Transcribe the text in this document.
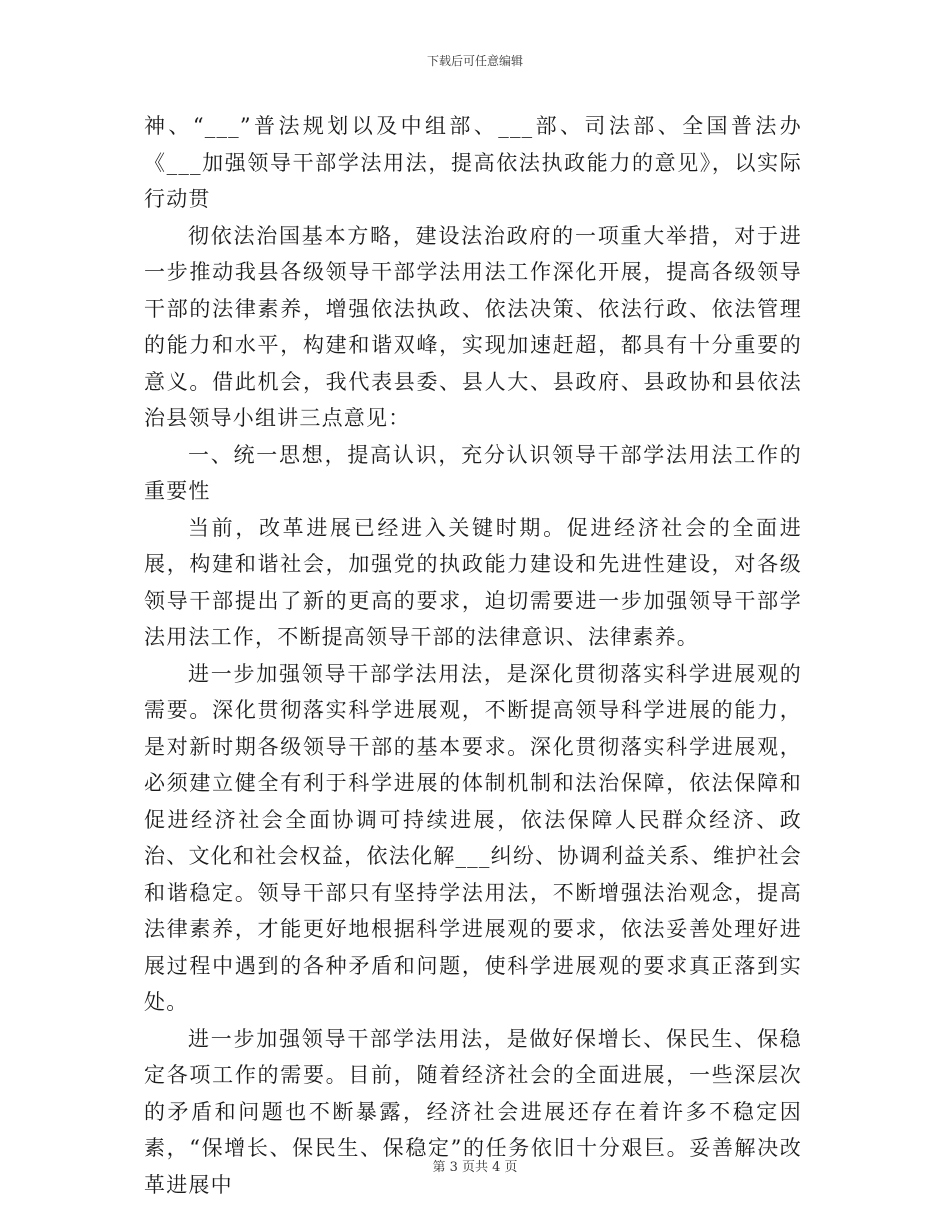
下载后可任意编辑

神、“___”普法规划以及中组部、___部、司法部、全国普法办《___加强领导干部学法用法，提高依法执政能力的意见》，以实际行动贯

彻依法治国基本方略，建设法治政府的一项重大举措，对于进一步推动我县各级领导干部学法用法工作深化开展，提高各级领导干部的法律素养，增强依法执政、依法决策、依法行政、依法管理的能力和水平，构建和谐双峰，实现加速赶超，都具有十分重要的意义。借此机会，我代表县委、县人大、县政府、县政协和县依法治县领导小组讲三点意见：

一、统一思想，提高认识，充分认识领导干部学法用法工作的重要性

当前，改革进展已经进入关键时期。促进经济社会的全面进展，构建和谐社会，加强党的执政能力建设和先进性建设，对各级领导干部提出了新的更高的要求，迫切需要进一步加强领导干部学法用法工作，不断提高领导干部的法律意识、法律素养。

进一步加强领导干部学法用法，是深化贯彻落实科学进展观的需要。深化贯彻落实科学进展观，不断提高领导科学进展的能力，是对新时期各级领导干部的基本要求。深化贯彻落实科学进展观，必须建立健全有利于科学进展的体制机制和法治保障，依法保障和促进经济社会全面协调可持续进展，依法保障人民群众经济、政治、文化和社会权益，依法化解___纠纷、协调利益关系、维护社会和谐稳定。领导干部只有坚持学法用法，不断增强法治观念，提高法律素养，才能更好地根据科学进展观的要求，依法妥善处理好进展过程中遇到的各种矛盾和问题，使科学进展观的要求真正落到实处。

进一步加强领导干部学法用法，是做好保增长、保民生、保稳定各项工作的需要。目前，随着经济社会的全面进展，一些深层次的矛盾和问题也不断暴露，经济社会进展还存在着许多不稳定因素，“保增长、保民生、保稳定”的任务依旧十分艰巨。妥善解决改革进展中

第 3 页共 4 页
